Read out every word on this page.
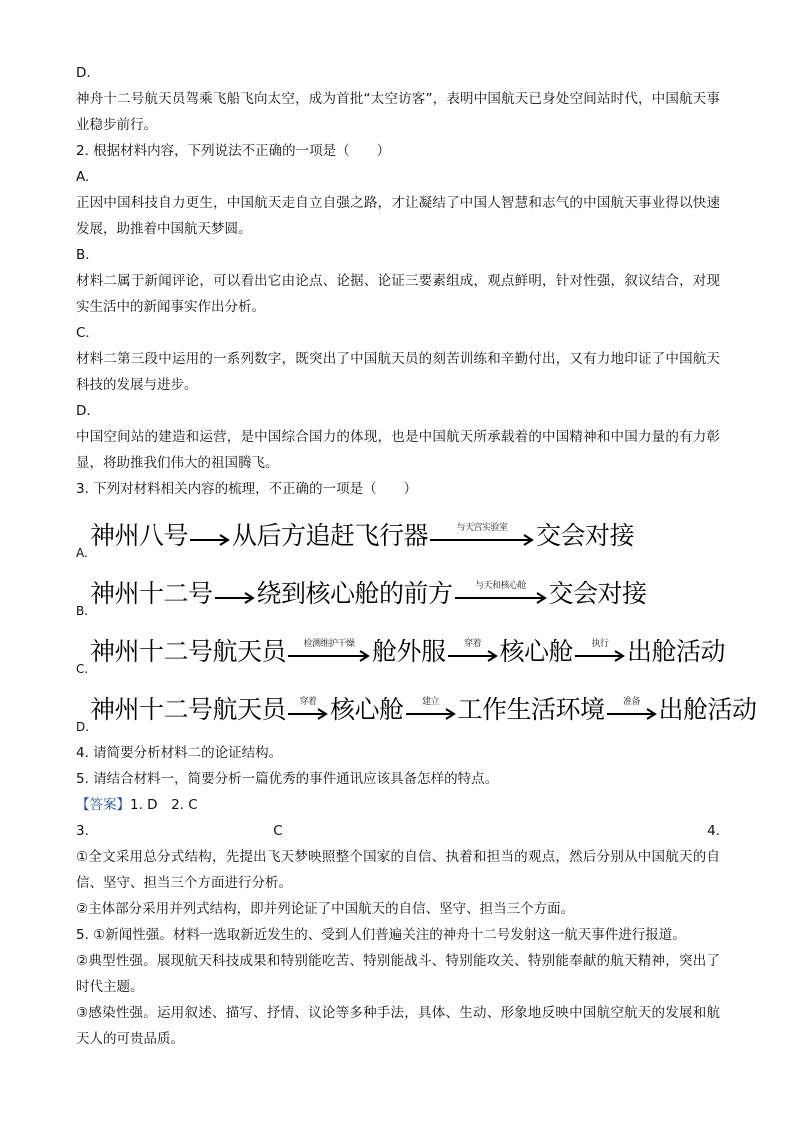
D.
神舟十二号航天员驾乘飞船飞向太空，成为首批“太空访客”，表明中国航天已身处空间站时代，中国航天事业稳步前行。
2. 根据材料内容，下列说法不正确的一项是（　　）
A.
正因中国科技自力更生，中国航天走自立自强之路，才让凝结了中国人智慧和志气的中国航天事业得以快速发展，助推着中国航天梦圆。
B.
材料二属于新闻评论，可以看出它由论点、论据、论证三要素组成，观点鲜明，针对性强，叙议结合，对现实生活中的新闻事实作出分析。
C.
材料二第三段中运用的一系列数字，既突出了中国航天员的刻苦训练和辛勤付出，又有力地印证了中国航天科技的发展与进步。
D.
中国空间站的建造和运营，是中国综合国力的体现，也是中国航天所承载着的中国精神和中国力量的有力彰显，将助推我们伟大的祖国腾飞。
3. 下列对材料相关内容的梳理，不正确的一项是（　　）
A.
神州八号 从后方追赶飞行器	与天宫实验室 交会对接
B.
神州十二号 绕到核心舱的前方 与天和核心舱 交会对接
C.
神州十二号航天员 检测维护干燥 舱外服 穿着 核心舱 执行 出舱活动
D.
神州十二号航天员 穿着 核心舱 建立 工作生活环境 准备 出舱活动
4. 请简要分析材料二的论证结构。
5. 请结合材料一，简要分析一篇优秀的事件通讯应该具备怎样的特点。
【答案】1. D　2. C
3.	C	4.
①全文采用总分式结构，先提出飞天梦映照整个国家的自信、执着和担当的观点，然后分别从中国航天的自信、坚守、担当三个方面进行分析。
②主体部分采用并列式结构，即并列论证了中国航天的自信、坚守、担当三个方面。
5. ①新闻性强。材料一选取新近发生的、受到人们普遍关注的神舟十二号发射这一航天事件进行报道。
②典型性强。展现航天科技成果和特别能吃苦、特别能战斗、特别能攻关、特别能奉献的航天精神，突出了时代主题。
③感染性强。运用叙述、描写、抒情、议论等多种手法，具体、生动、形象地反映中国航空航天的发展和航天人的可贵品质。
